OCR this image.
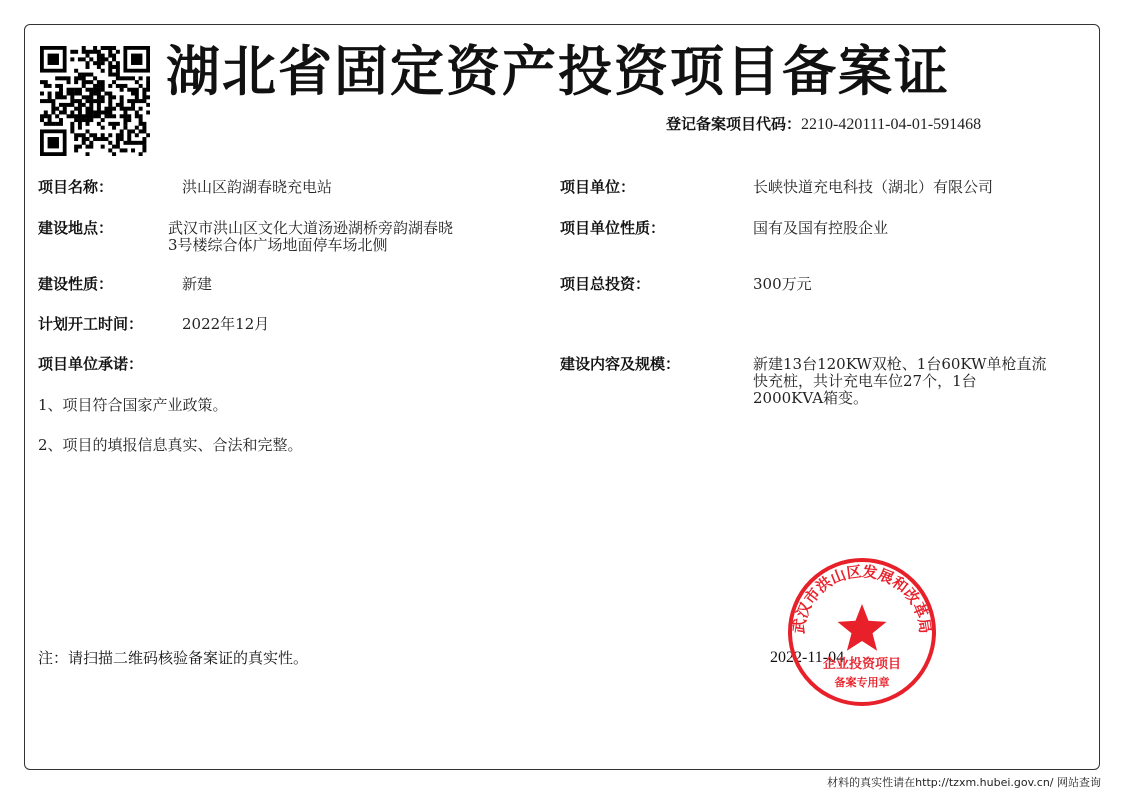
湖北省固定资产投资项目备案证
登记备案项目代码：2210-420111-04-01-591468
项目名称：	洪山区韵湖春晓充电站
建设地点：	武汉市洪山区文化大道汤逊湖桥旁韵湖春晓
3号楼综合体广场地面停车场北侧
建设性质：	新建
计划开工时间：	2022年12月
项目单位承诺：
1、项目符合国家产业政策。
2、项目的填报信息真实、合法和完整。
项目单位：	长峡快道充电科技（湖北）有限公司
项目单位性质：	国有及国有控股企业
项目总投资：	300万元
建设内容及规模：	新建13台120KW双枪、1台60KW单枪直流
快充桩，共计充电车位27个，1台
2000KVA箱变。
注：请扫描二维码核验备案证的真实性。	2022-11-04
武汉市洪山区发展和改革局
企业投资项目
备案专用章
材料的真实性请在http://tzxm.hubei.gov.cn/ 网站查询
